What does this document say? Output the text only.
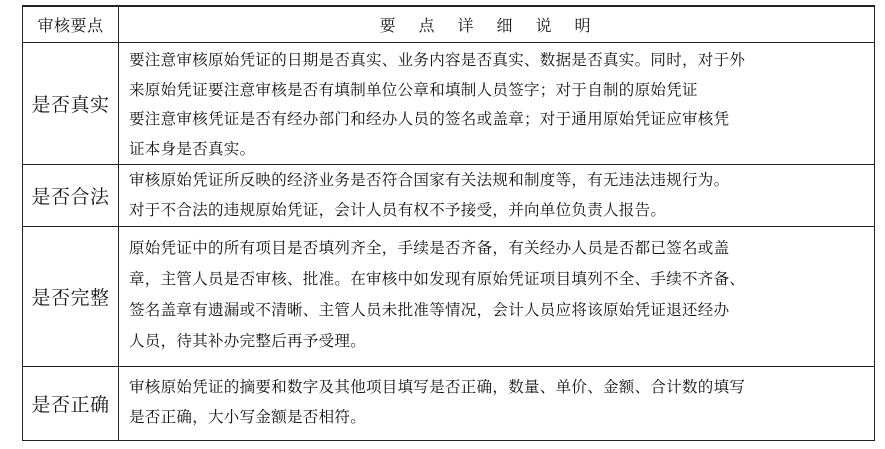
审核要点	要点详细说明
是否真实
要注意审核原始凭证的日期是否真实、业务内容是否真实、数据是否真实。同时，对于外
来原始凭证要注意审核是否有填制单位公章和填制人员签字；对于自制的原始凭证
要注意审核凭证是否有经办部门和经办人员的签名或盖章；对于通用原始凭证应审核凭
证本身是否真实。
是否合法
审核原始凭证所反映的经济业务是否符合国家有关法规和制度等，有无违法违规行为。
对于不合法的违规原始凭证，会计人员有权不予接受，并向单位负责人报告。
是否完整
原始凭证中的所有项目是否填列齐全，手续是否齐备，有关经办人员是否都已签名或盖
章，主管人员是否审核、批准。在审核中如发现有原始凭证项目填列不全、手续不齐备、
签名盖章有遗漏或不清晰、主管人员未批准等情况，会计人员应将该原始凭证退还经办
人员，待其补办完整后再予受理。
是否正确
审核原始凭证的摘要和数字及其他项目填写是否正确，数量、单价、金额、合计数的填写
是否正确，大小写金额是否相符。
